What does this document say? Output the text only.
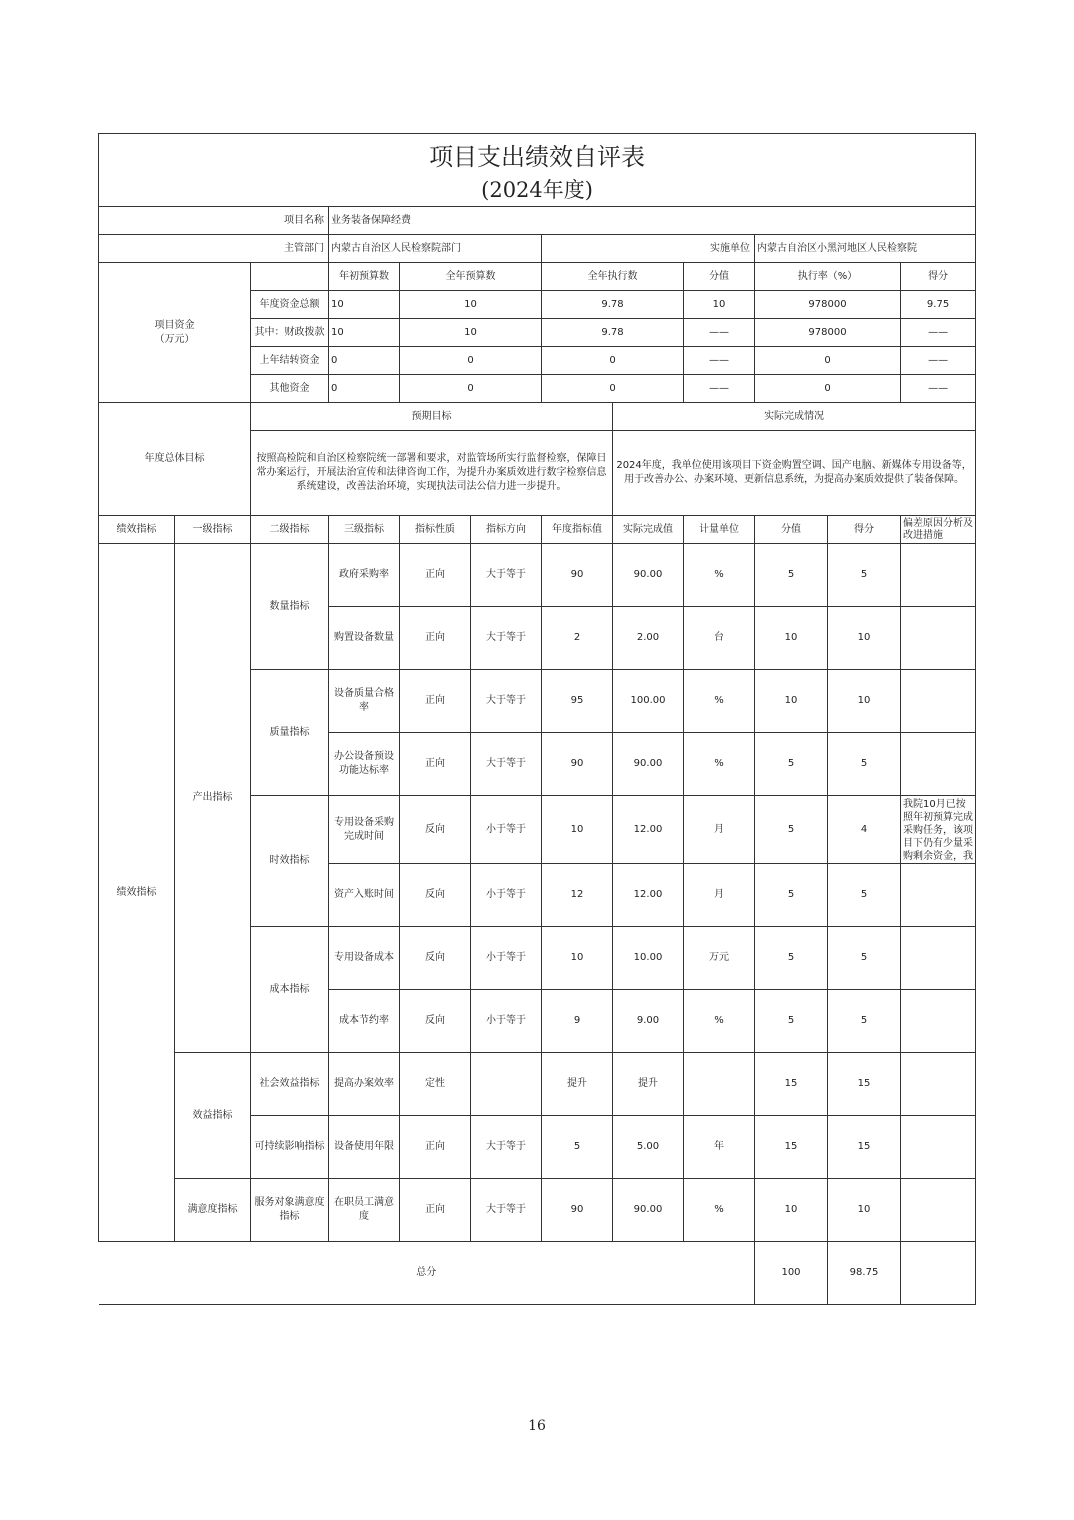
项目支出绩效自评表
(2024年度)											

项目名称			业务装备保障经费								
主管部门			内蒙古自治区人民检察院部门			实施单位			内蒙古自治区小黑河地区人民检察院		
项目资金
（万元）			年初预算数	全年预算数		全年执行数		分值	执行率（%）		得分
		年度资金总额	10	10		9.78		10	978000		9.75
		其中：财政拨款	10	10		9.78		——	978000		——
		上年结转资金	0	0		0		——	0		——
		其他资金	0	0		0		——	0		——
年度总体目标		预期目标					实际完成情况				
		按照高检院和自治区检察院统一部署和要求，对监管场所实行监督检察，保障日常办案运行，开展法治宣传和法律咨询工作，为提升办案质效进行数字检察信息系统建设，改善法治环境，实现执法司法公信力进一步提升。					2024年度，我单位使用该项目下资金购置空调、国产电脑、新媒体专用设备等，用于改善办公、办案环境、更新信息系统，为提高办案质效提供了装备保障。				
绩效指标	一级指标	二级指标	三级指标	指标性质	指标方向	年度指标值	实际完成值	计量单位	分值	得分	偏差原因分析及改进措施
绩效指标	产出指标	数量指标	政府采购率	正向	大于等于	90	90.00	%	5	5	
			购置设备数量	正向	大于等于	2	2.00	台	10	10	
		质量指标	设备质量合格率	正向	大于等于	95	100.00	%	10	10	
			办公设备预设功能达标率	正向	大于等于	90	90.00	%	5	5	
		时效指标	专用设备采购完成时间	反向	小于等于	10	12.00	月	5	4	我院10月已按照年初预算完成采购任务，该项目下仍有少量采购剩余资金，我
			资产入账时间	反向	小于等于	12	12.00	月	5	5	
		成本指标	专用设备成本	反向	小于等于	10	10.00	万元	5	5	
			成本节约率	反向	小于等于	9	9.00	%	5	5	
	效益指标	社会效益指标	提高办案效率	定性		提升	提升		15	15	
		可持续影响指标	设备使用年限	正向	大于等于	5	5.00	年	15	15	
	满意度指标	服务对象满意度指标	在职员工满意度	正向	大于等于	90	90.00	%	10	10	
总分									100	98.75	
16
